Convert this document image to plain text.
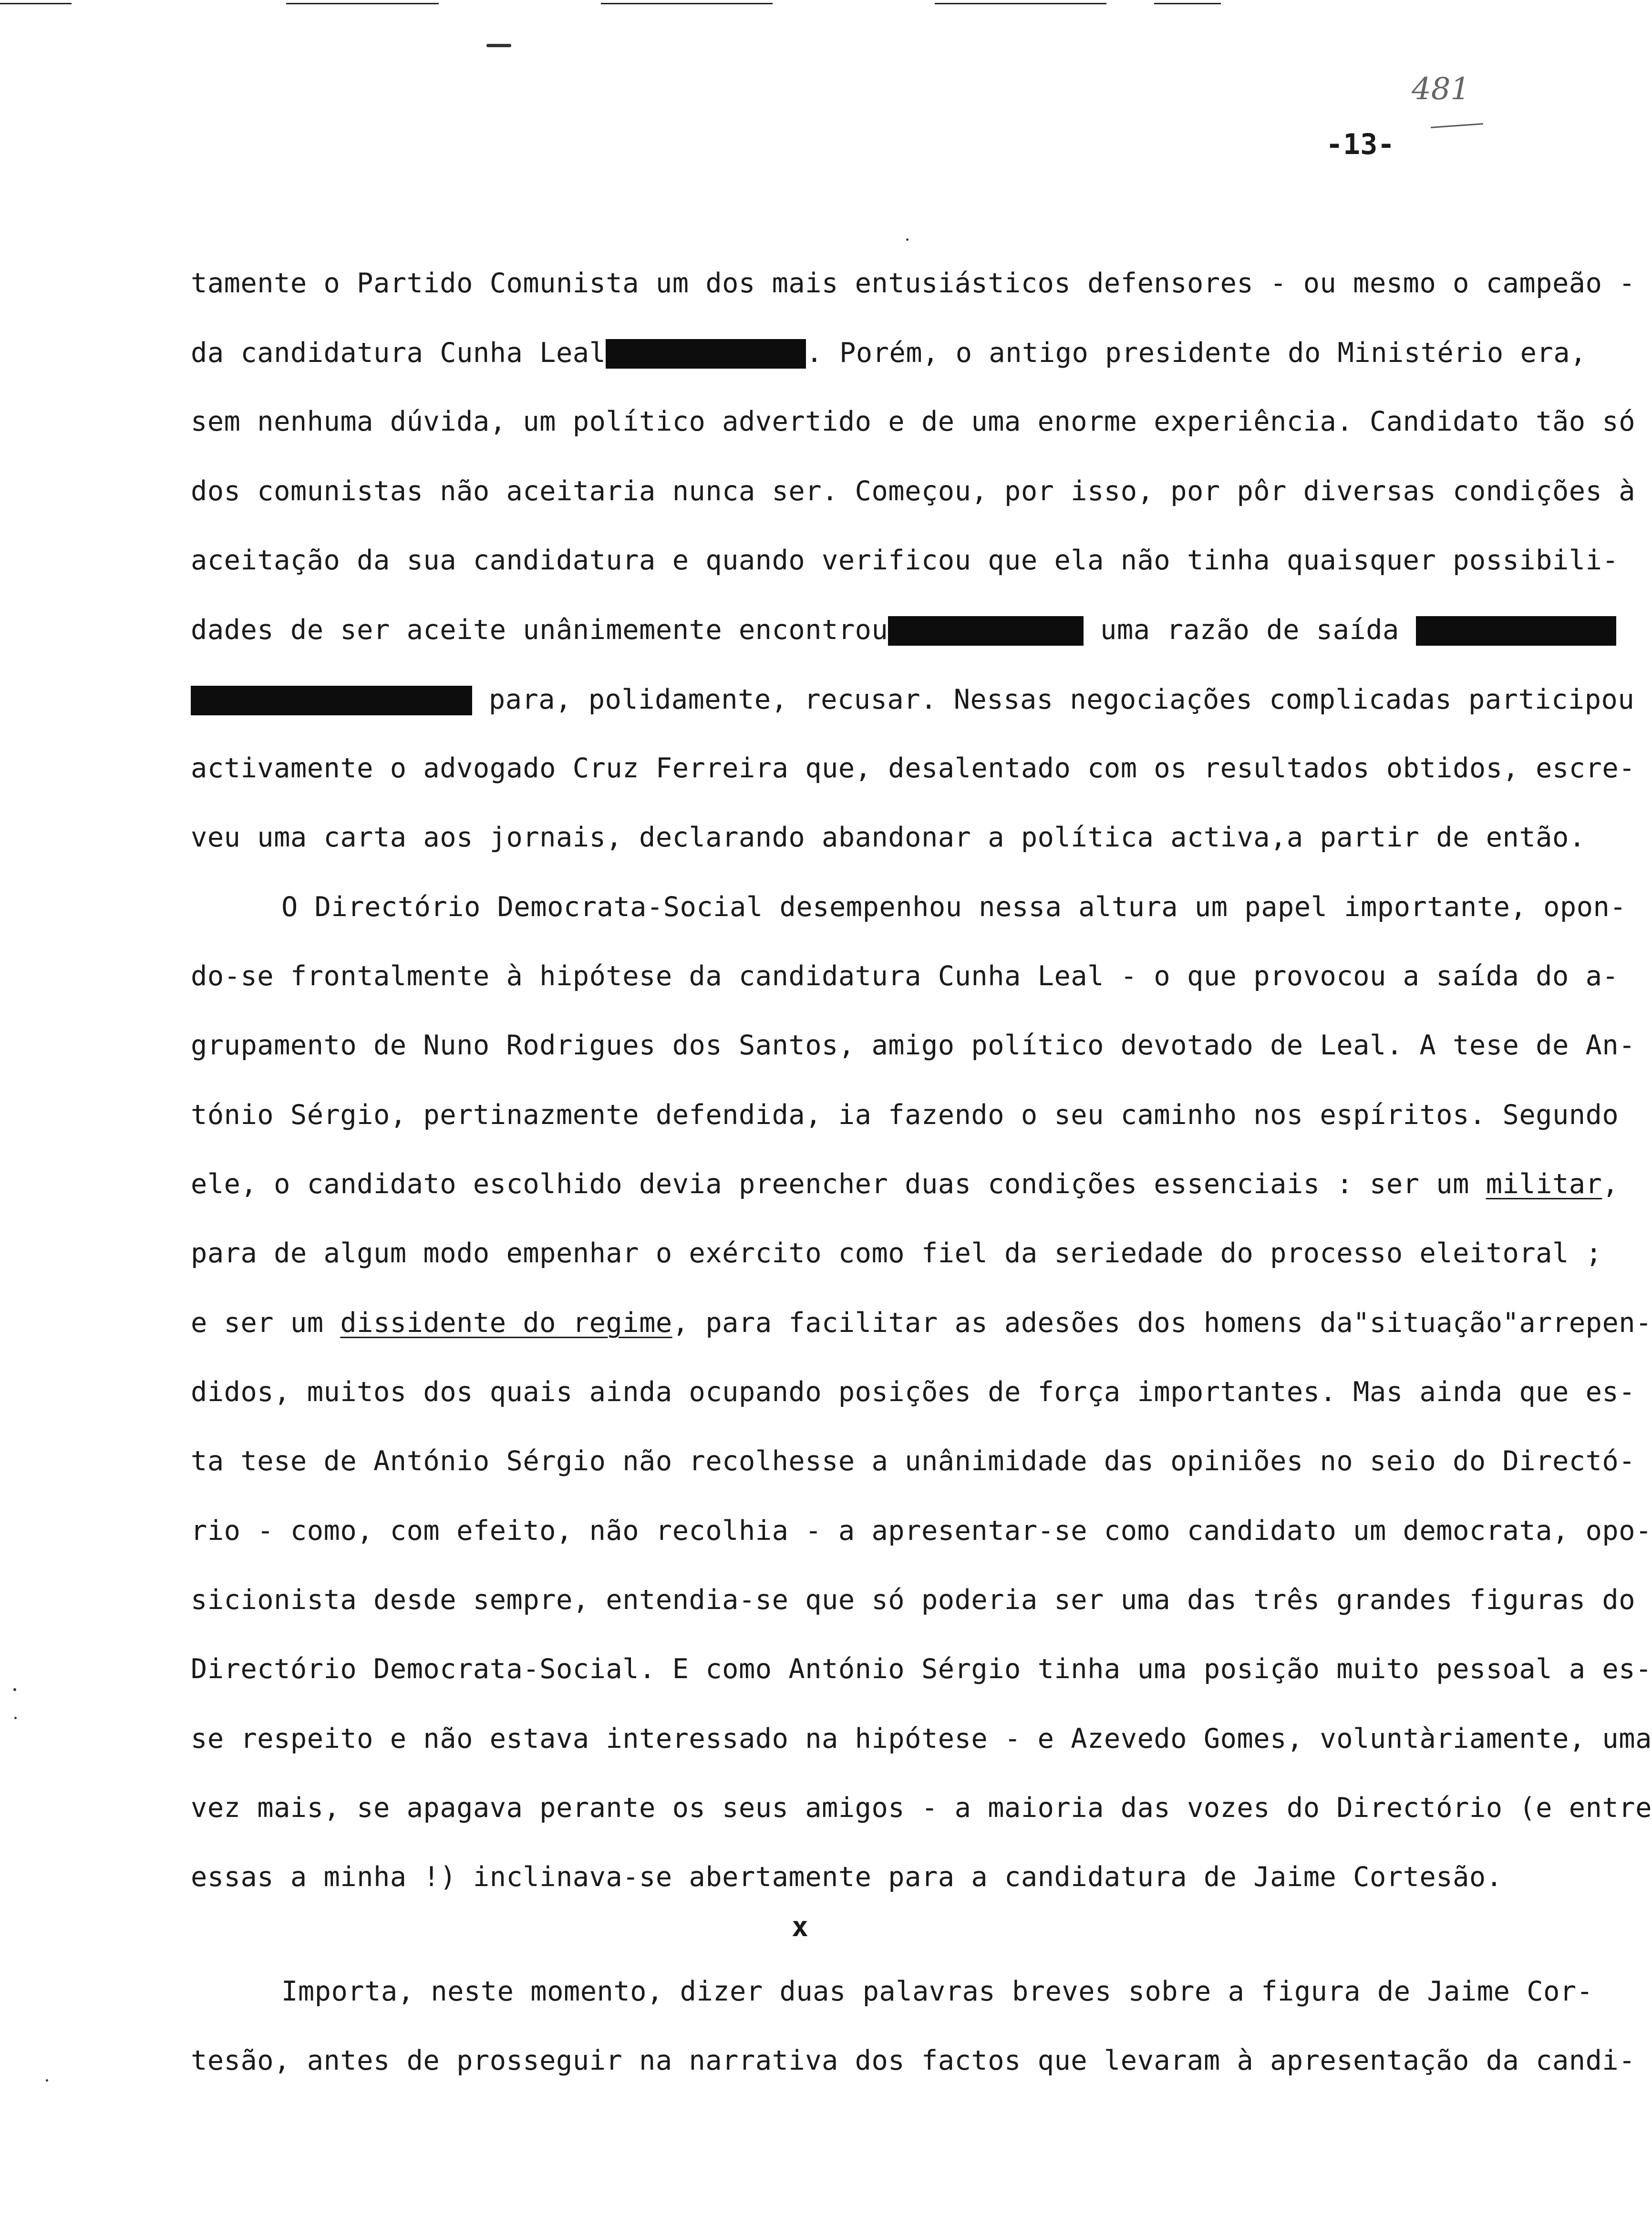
481
-13-
tamente o Partido Comunista um dos mais entusiásticos defensores - ou mesmo o campeão -
da candidatura Cunha Leal	. Porém, o antigo presidente do Ministério era,
sem nenhuma dúvida, um político advertido e de uma enorme experiência. Candidato tão só
dos comunistas não aceitaria nunca ser. Começou, por isso, por pôr diversas condições à
aceitação da sua candidatura e quando verificou que ela não tinha quaisquer possibili-
dades de ser aceite unânimemente encontrou	uma razão de saída
para, polidamente, recusar. Nessas negociações complicadas participou
activamente o advogado Cruz Ferreira que, desalentado com os resultados obtidos, escre-
veu uma carta aos jornais, declarando abandonar a política activa,a partir de então.
O Directório Democrata-Social desempenhou nessa altura um papel importante, opon-
do-se frontalmente à hipótese da candidatura Cunha Leal - o que provocou a saída do a-
grupamento de Nuno Rodrigues dos Santos, amigo político devotado de Leal. A tese de An-
tónio Sérgio, pertinazmente defendida, ia fazendo o seu caminho nos espíritos. Segundo
ele, o candidato escolhido devia preencher duas condições essenciais : ser um militar,
para de algum modo empenhar o exército como fiel da seriedade do processo eleitoral ;
e ser um dissidente do regime, para facilitar as adesões dos homens da"situação"arrepen-
didos, muitos dos quais ainda ocupando posições de força importantes. Mas ainda que es-
ta tese de António Sérgio não recolhesse a unânimidade das opiniões no seio do Directó-
rio - como, com efeito, não recolhia - a apresentar-se como candidato um democrata, opo-
sicionista desde sempre, entendia-se que só poderia ser uma das três grandes figuras do
Directório Democrata-Social. E como António Sérgio tinha uma posição muito pessoal a es-
se respeito e não estava interessado na hipótese - e Azevedo Gomes, voluntàriamente, uma
vez mais, se apagava perante os seus amigos - a maioria das vozes do Directório (e entre
essas a minha !) inclinava-se abertamente para a candidatura de Jaime Cortesão.
x
Importa, neste momento, dizer duas palavras breves sobre a figura de Jaime Cor-
tesão, antes de prosseguir na narrativa dos factos que levaram à apresentação da candi-
